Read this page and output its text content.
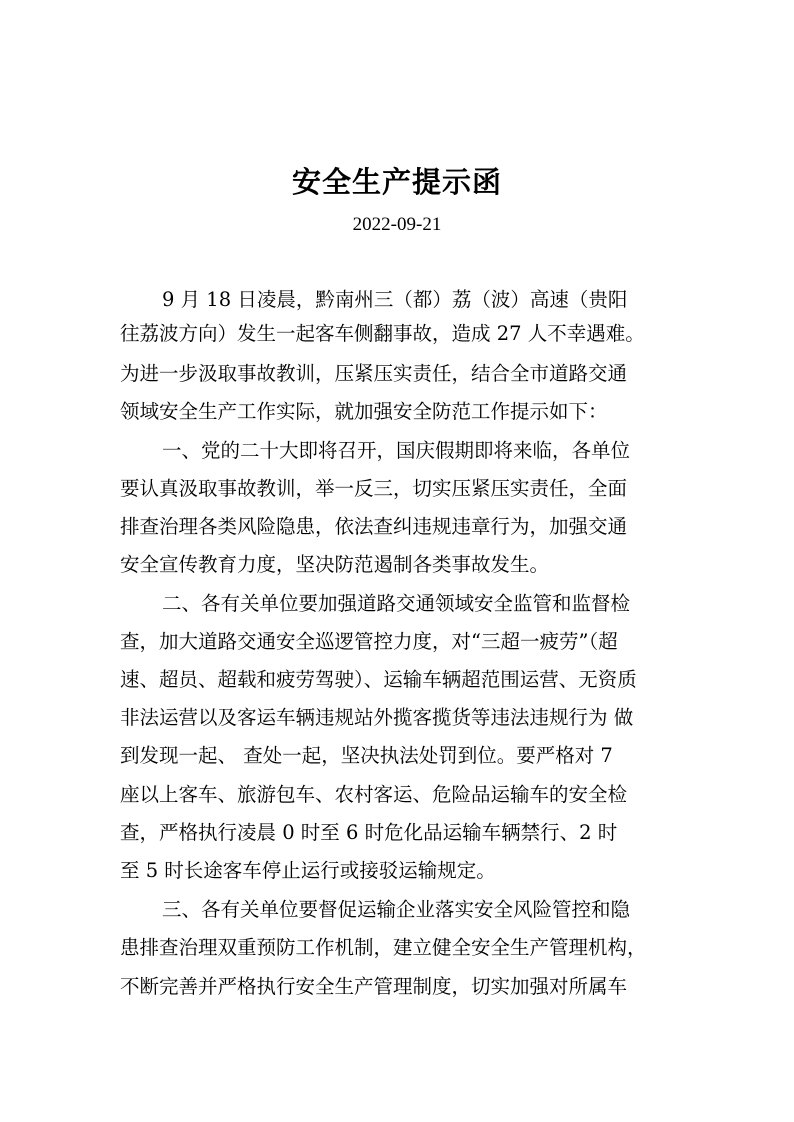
安全生产提示函
2022-09-21
9 月 18 日凌晨，黔南州三（都）荔（波）高速（贵阳
往荔波方向）发生一起客车侧翻事故，造成 27 人不幸遇难。
为进一步汲取事故教训，压紧压实责任，结合全市道路交通
领域安全生产工作实际，就加强安全防范工作提示如下：
一、党的二十大即将召开，国庆假期即将来临，各单位
要认真汲取事故教训，举一反三，切实压紧压实责任，全面
排查治理各类风险隐患，依法查纠违规违章行为，加强交通
安全宣传教育力度，坚决防范遏制各类事故发生。
二、各有关单位要加强道路交通领域安全监管和监督检
查，加大道路交通安全巡逻管控力度，对“三超一疲劳”（超
速、超员、超载和疲劳驾驶）、运输车辆超范围运营、无资质
非法运营以及客运车辆违规站外揽客揽货等违法违规行为 做
到发现一起、 查处一起，坚决执法处罚到位。要严格对 7
座以上客车、旅游包车、农村客运、危险品运输车的安全检
查，严格执行凌晨 0 时至 6 时危化品运输车辆禁行、2 时
至 5 时长途客车停止运行或接驳运输规定。
三、各有关单位要督促运输企业落实安全风险管控和隐
患排查治理双重预防工作机制，建立健全安全生产管理机构，
不断完善并严格执行安全生产管理制度，切实加强对所属车
